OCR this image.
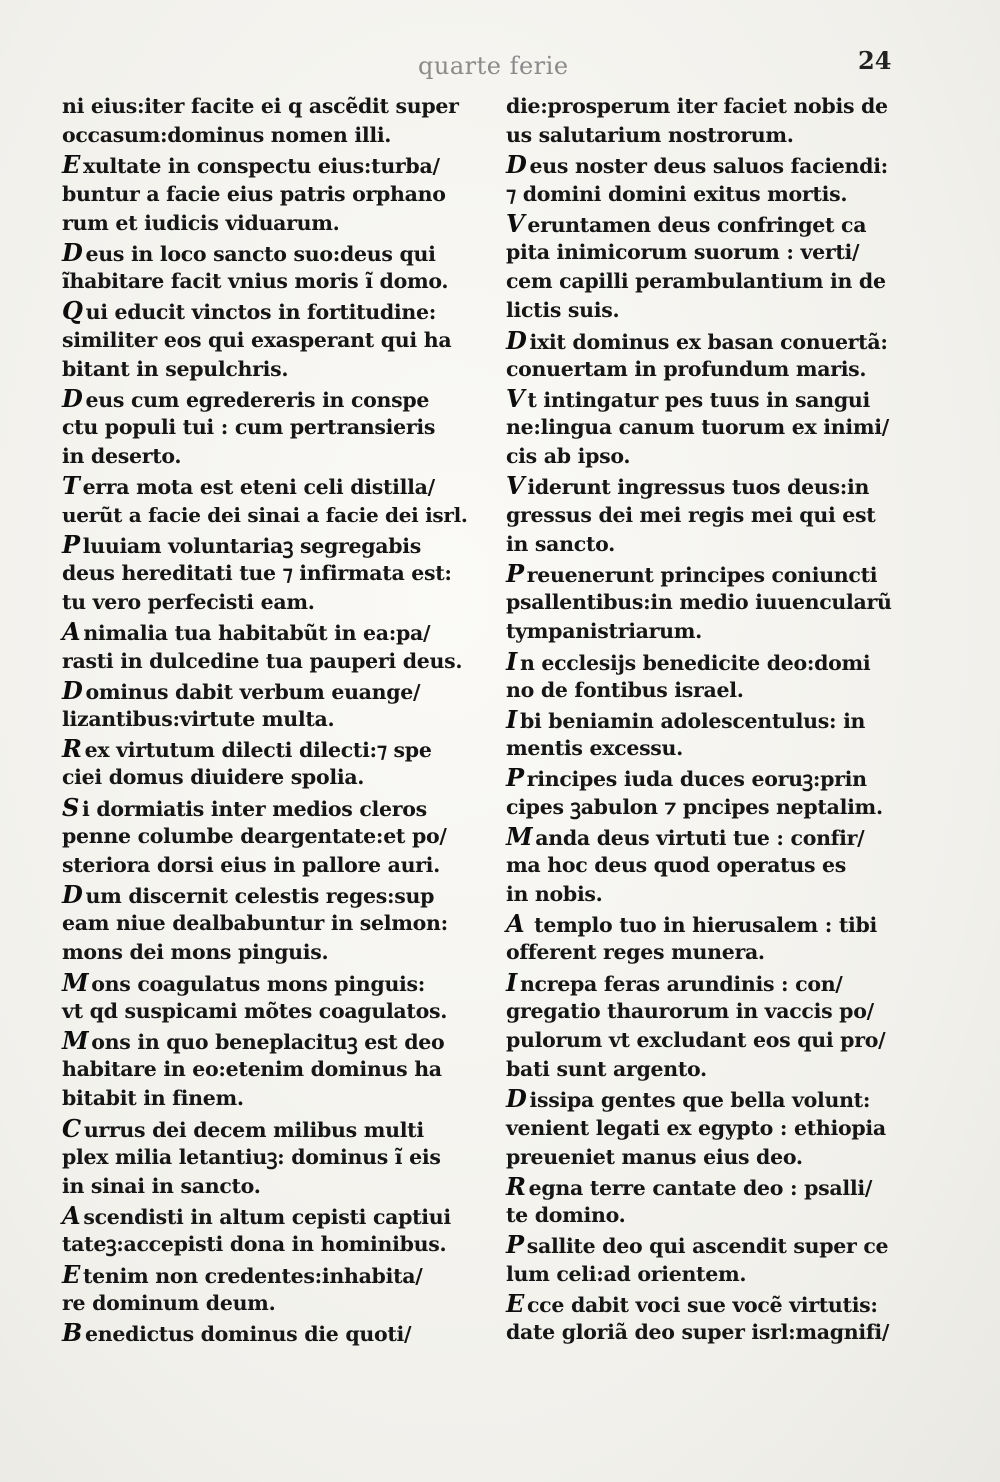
quarte ferie	24
ni eius:iter facite ei q ascẽdit super
occasum:dominus nomen illi.
E xultate in conspectu eius:turba/
buntur a facie eius patris orphano
rum et iudicis viduarum.
D eus in loco sancto suo:deus qui
ĩhabitare facit vnius moris ĩ domo.
Q ui educit vinctos in fortitudine:
similiter eos qui exasperant qui ha
bitant in sepulchris.
D eus cum egredereris in conspe
ctu populi tui : cum pertransieris
in deserto.
T erra mota est eteni celi distilla/
uerũt a facie dei sinai a facie dei isrl.
P luuiam voluntariaꝫ segregabis
deus hereditati tue ⁊ infirmata est:
tu vero perfecisti eam.
A nimalia tua habitabũt in ea:pa/
rasti in dulcedine tua pauperi deus.
D ominus dabit verbum euange/
lizantibus:virtute multa.
R ex virtutum dilecti dilecti:⁊ spe
ciei domus diuidere spolia.
S i dormiatis inter medios cleros
penne columbe deargentate:et po/
steriora dorsi eius in pallore auri.
D um discernit celestis reges:sup
eam niue dealbabuntur in selmon:
mons dei mons pinguis.
M ons coagulatus mons pinguis:
vt qd suspicami mõtes coagulatos.
M ons in quo beneplacituꝫ est deo
habitare in eo:etenim dominus ha
bitabit in finem.
C urrus dei decem milibus multi
plex milia letantiuꝫ: dominus ĩ eis
in sinai in sancto.
A scendisti in altum cepisti captiui
tateꝫ:accepisti dona in hominibus.
E tenim non credentes:inhabita/
re dominum deum.
B enedictus dominus die quoti/
die:prosperum iter faciet nobis de
us salutarium nostrorum.
D eus noster deus saluos faciendi:
⁊ domini domini exitus mortis.
V eruntamen deus confringet ca
pita inimicorum suorum : verti/
cem capilli perambulantium in de
lictis suis.
D ixit dominus ex basan conuertã:
conuertam in profundum maris.
V t intingatur pes tuus in sangui
ne:lingua canum tuorum ex inimi/
cis ab ipso.
V iderunt ingressus tuos deus:in
gressus dei mei regis mei qui est
in sancto.
P reuenerunt principes coniuncti
psallentibus:in medio iuuencularũ
tympanistriarum.
I n ecclesijs benedicite deo:domi
no de fontibus israel.
I bi beniamin adolescentulus: in
mentis excessu.
P rincipes iuda duces eoruꝫ:prin
cipes ꝫabulon ⁊ pncipes neptalim.
M anda deus virtuti tue : confir/
ma hoc deus quod operatus es
in nobis.
A templo tuo in hierusalem : tibi
offerent reges munera.
I ncrepa feras arundinis : con/
gregatio thaurorum in vaccis po/
pulorum vt excludant eos qui pro/
bati sunt argento.
D issipa gentes que bella volunt:
venient legati ex egypto : ethiopia
preueniet manus eius deo.
R egna terre cantate deo : psalli/
te domino.
P sallite deo qui ascendit super ce
lum celi:ad orientem.
E cce dabit voci sue vocẽ virtutis:
date gloriã deo super isrl:magnifi/
